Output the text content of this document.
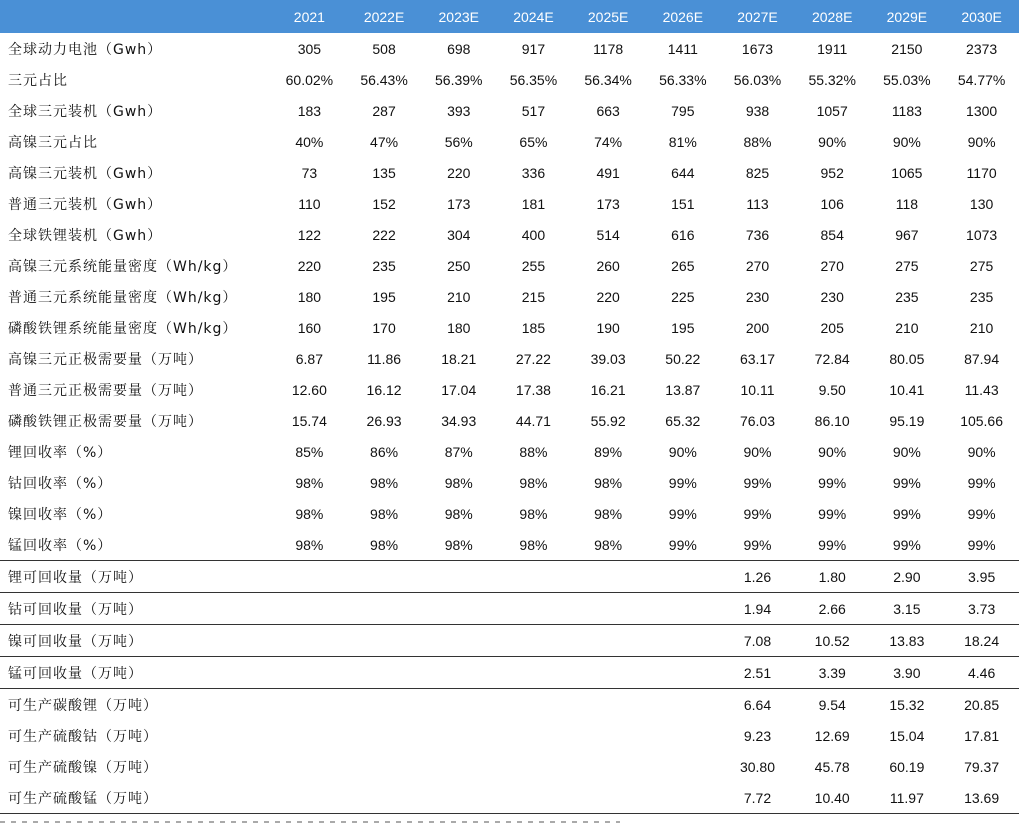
	2021	2022E	2023E	2024E	2025E	2026E	2027E	2028E	2029E	2030E
全球动力电池（Gwh）	305	508	698	917	1178	1411	1673	1911	2150	2373
三元占比	60.02%	56.43%	56.39%	56.35%	56.34%	56.33%	56.03%	55.32%	55.03%	54.77%
全球三元装机（Gwh）	183	287	393	517	663	795	938	1057	1183	1300
高镍三元占比	40%	47%	56%	65%	74%	81%	88%	90%	90%	90%
高镍三元装机（Gwh）	73	135	220	336	491	644	825	952	1065	1170
普通三元装机（Gwh）	110	152	173	181	173	151	113	106	118	130
全球铁锂装机（Gwh）	122	222	304	400	514	616	736	854	967	1073
高镍三元系统能量密度（Wh/kg）	220	235	250	255	260	265	270	270	275	275
普通三元系统能量密度（Wh/kg）	180	195	210	215	220	225	230	230	235	235
磷酸铁锂系统能量密度（Wh/kg）	160	170	180	185	190	195	200	205	210	210
高镍三元正极需要量（万吨）	6.87	11.86	18.21	27.22	39.03	50.22	63.17	72.84	80.05	87.94
普通三元正极需要量（万吨）	12.60	16.12	17.04	17.38	16.21	13.87	10.11	9.50	10.41	11.43
磷酸铁锂正极需要量（万吨）	15.74	26.93	34.93	44.71	55.92	65.32	76.03	86.10	95.19	105.66
锂回收率（%）	85%	86%	87%	88%	89%	90%	90%	90%	90%	90%
钴回收率（%）	98%	98%	98%	98%	98%	99%	99%	99%	99%	99%
镍回收率（%）	98%	98%	98%	98%	98%	99%	99%	99%	99%	99%
锰回收率（%）	98%	98%	98%	98%	98%	99%	99%	99%	99%	99%
锂可回收量（万吨）							1.26	1.80	2.90	3.95
钴可回收量（万吨）							1.94	2.66	3.15	3.73
镍可回收量（万吨）							7.08	10.52	13.83	18.24
锰可回收量（万吨）							2.51	3.39	3.90	4.46
可生产碳酸锂（万吨）							6.64	9.54	15.32	20.85
可生产硫酸钴（万吨）							9.23	12.69	15.04	17.81
可生产硫酸镍（万吨）							30.80	45.78	60.19	79.37
可生产硫酸锰（万吨）							7.72	10.40	11.97	13.69
